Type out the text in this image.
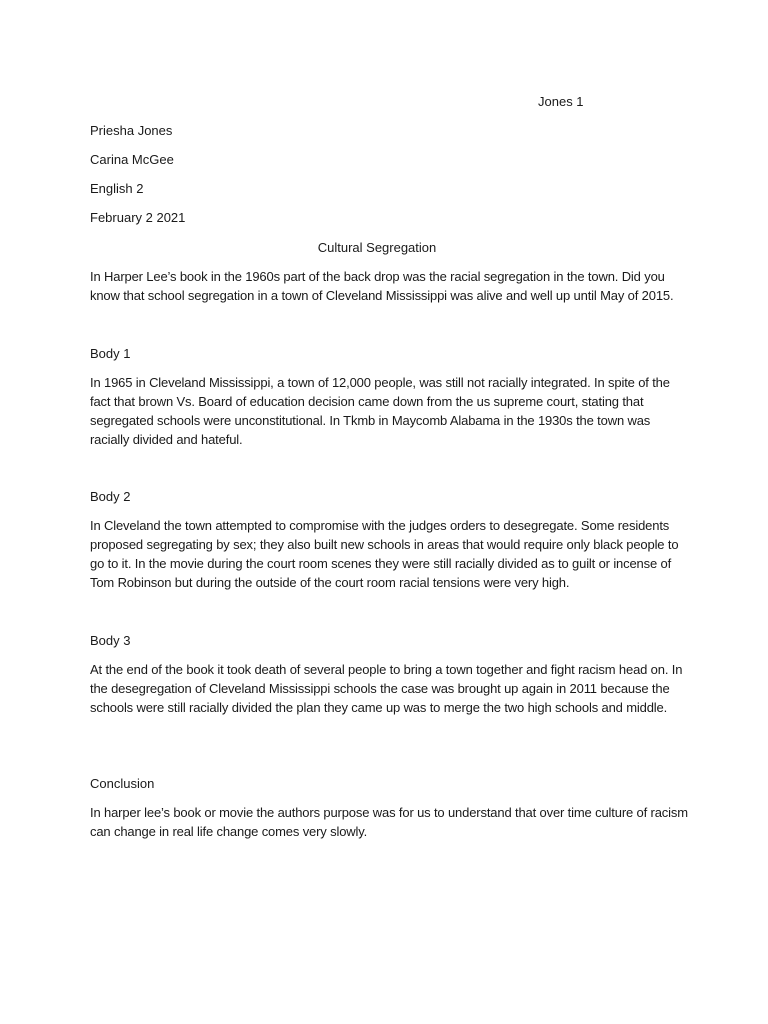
Jones 1
Priesha Jones
Carina McGee
English 2
February 2 2021
Cultural Segregation
In Harper Lee’s book in the 1960s part of the back drop was the racial segregation in the town. Did you know that school segregation in a town of Cleveland Mississippi was alive and well up until May of 2015.
Body 1
In 1965 in Cleveland Mississippi, a town of 12,000 people, was still not racially integrated. In spite of the fact that brown Vs. Board of education decision came down from the us supreme court, stating that segregated schools were unconstitutional. In Tkmb in Maycomb Alabama in the 1930s the town was racially divided and hateful.
Body 2
In Cleveland the town attempted to compromise with the judges orders to desegregate. Some residents proposed segregating by sex; they also built new schools in areas that would require only black people to go to it. In the movie during the court room scenes they were still racially divided as to guilt or incense of Tom Robinson but during the outside of the court room racial tensions were very high.
Body 3
At the end of the book it took death of several people to bring a town together and fight racism head on. In the desegregation of Cleveland Mississippi schools the case was brought up again in 2011 because the schools were still racially divided the plan they came up was to merge the two high schools and middle.
Conclusion
In harper lee’s book or movie the authors purpose was for us to understand that over time culture of racism can change in real life change comes very slowly.
